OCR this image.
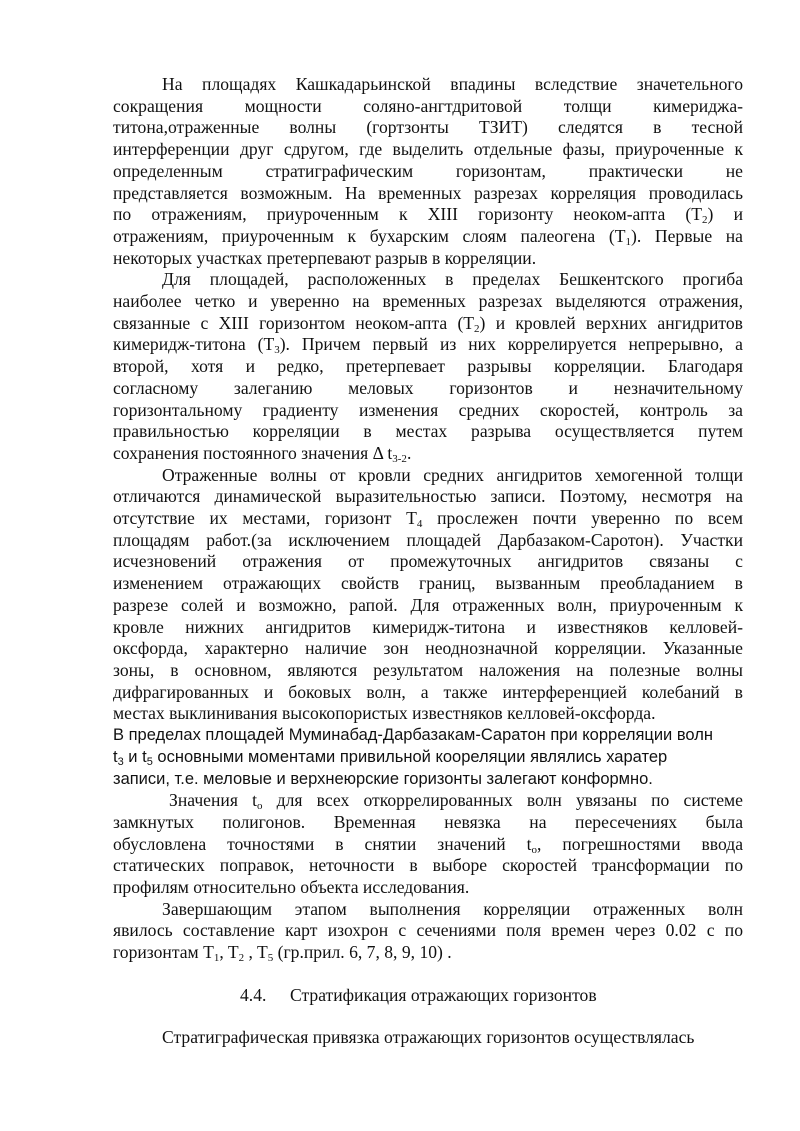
На площадях Кашкадарьинской впадины вследствие значетельного

сокращения мощности соляно-ангтдритовой толщи кимериджа-

титона,отраженные волны (гортзонты ТЗИТ) следятся в тесной

интерференции друг сдругом, где выделить отдельные фазы, приуроченные к

определенным стратиграфическим горизонтам, практически не

представляется возможным. На временных разрезах корреляция проводилась

по отражениям, приуроченным к XIII горизонту неоком-апта $(T_2)$ и

отражениям, приуроченным к бухарским слоям палеогена $(T_1)$. Первые на

некоторых участках претерпевают разрыв в корреляции.

Для площадей, расположенных в пределах Бешкентского прогиба

наиболее четко и уверенно на временных разрезах выделяются отражения,

связанные с XIII горизонтом неоком-апта $(T_2)$ и кровлей верхних ангидритов

кимеридж-титона $(T_3)$. Причем первый из них коррелируется непрерывно, а

второй, хотя и редко, претерпевает разрывы корреляции. Благодаря

согласному залеганию меловых горизонтов и незначительному

горизонтальному градиенту изменения средних скоростей, контроль за

правильностью корреляции в местах разрыва осуществляется путем

сохранения постоянного значения Δ $t_{3-2}$.

Отраженные волны от кровли средних ангидритов хемогенной толщи

отличаются динамической выразительностью записи. Поэтому, несмотря на

отсутствие их местами, горизонт $T_4$ прослежен почти уверенно по всем

площадям работ.(за исключением площадей Дарбазаком-Саротон). Участки

исчезновений отражения от промежуточных ангидритов связаны с

изменением отражающих свойств границ, вызванным преобладанием в

разрезе солей и возможно, рапой. Для отраженных волн, приуроченным к

кровле нижних ангидритов кимеридж-титона и известняков келловей-

оксфорда, характерно наличие зон неоднозначной корреляции. Указанные

зоны, в основном, являются результатом наложения на полезные волны

дифрагированных и боковых волн, а также интерференцией колебаний в

местах выклинивания высокопористых известняков келловей-оксфорда.

В пределах площадей Муминабад-Дарбазакам-Саратон при корреляции волн

$t_3$ и $t_5$ основными моментами привильной коореляции являлись харатер

записи, т.е. меловые и верхнеюрские горизонты залегают конформно.

Значения $t_o$ для всех откоррелированных волн увязаны по системе

замкнутых полигонов. Временная невязка на пересечениях была

обусловлена точностями в снятии значений $t_o$, погрешностями ввода

статических поправок, неточности в выборе скоростей трансформации по

профилям относительно объекта исследования.

Завершающим этапом выполнения корреляции отраженных волн

явилось составление карт изохрон с сечениями поля времен через 0.02 с по

горизонтам $T_1$, $T_2$ , $T_5$ (гр.прил. 6, 7, 8, 9, 10) .

4.4. Стратификация отражающих горизонтов

Стратиграфическая привязка отражающих горизонтов осуществлялась
